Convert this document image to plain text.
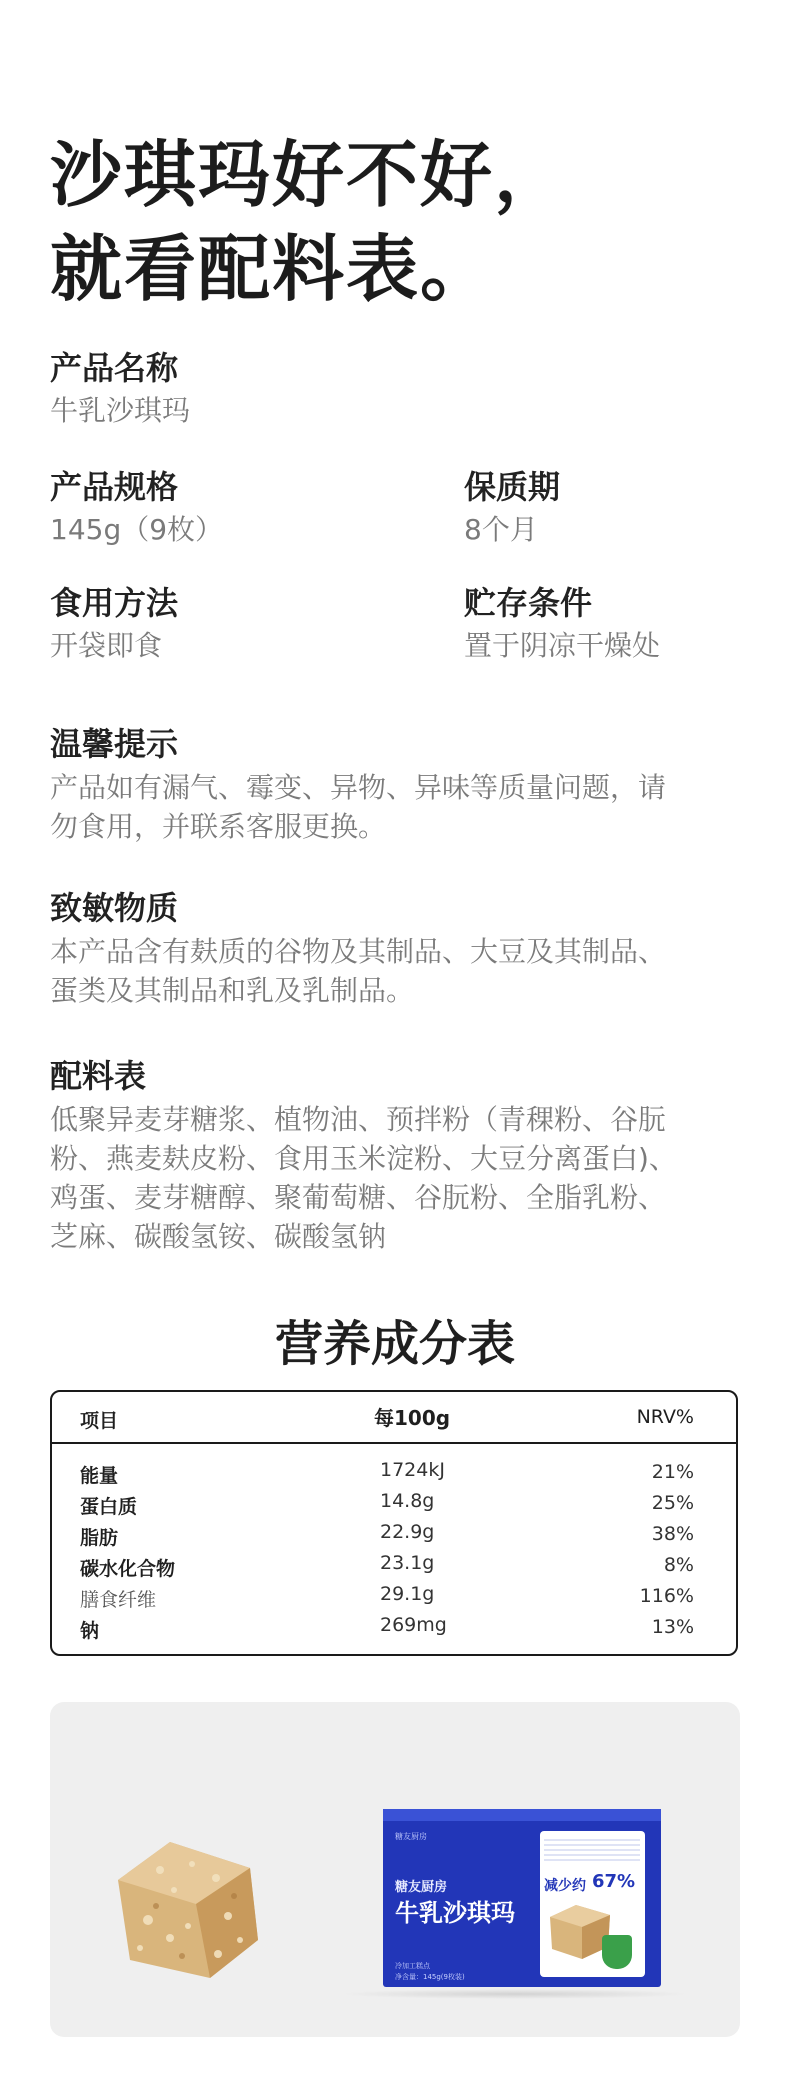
沙琪玛好不好，
就看配料表。
产品名称
牛乳沙琪玛
产品规格
145g（9枚）
保质期
8个月
食用方法
开袋即食
贮存条件
置于阴凉干燥处
温馨提示
产品如有漏气、霉变、异物、异味等质量问题，请
勿食用，并联系客服更换。
致敏物质
本产品含有麸质的谷物及其制品、大豆及其制品、
蛋类及其制品和乳及乳制品。
配料表
低聚异麦芽糖浆、植物油、预拌粉（青稞粉、谷朊
粉、燕麦麸皮粉、食用玉米淀粉、大豆分离蛋白)、
鸡蛋、麦芽糖醇、聚葡萄糖、谷朊粉、全脂乳粉、
芝麻、碳酸氢铵、碳酸氢钠
营养成分表
项目	每100g	NRV%
能量	1724kJ	21%
蛋白质	14.8g	25%
脂肪	22.9g	38%
碳水化合物	23.1g	8%
膳食纤维	29.1g	116%
钠	269mg	13%
糖友厨房
糖友厨房
牛乳沙琪玛
冷加工糕点
净含量：145g(9枚装)
减少约 67%
